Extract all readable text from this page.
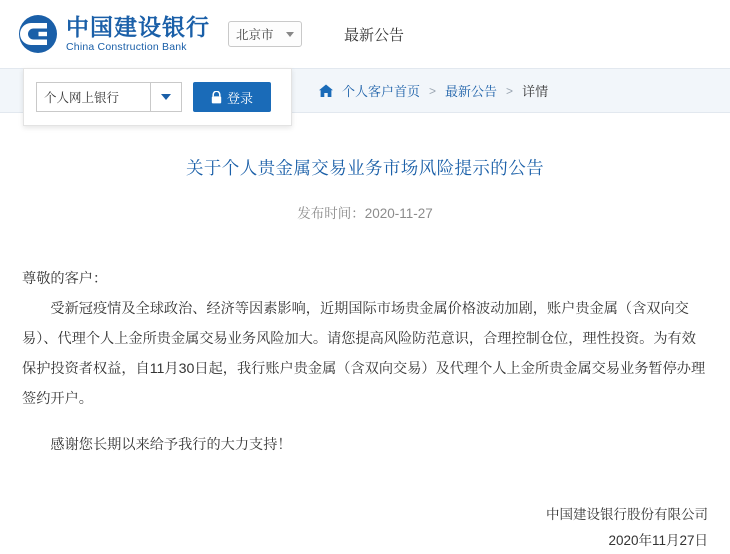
中国建设银行
China Construction Bank
北京市	最新公告
个人客户首页 > 最新公告 > 详情
个人网上银行	登录
关于个人贵金属交易业务市场风险提示的公告
发布时间：2020-11-27

尊敬的客户：

受新冠疫情及全球政治、经济等因素影响，近期国际市场贵金属价格波动加剧，账户贵金属（含双向交易）、代理个人上金所贵金属交易业务风险加大。请您提高风险防范意识，合理控制仓位，理性投资。为有效保护投资者权益，自11月30日起，我行账户贵金属（含双向交易）及代理个人上金所贵金属交易业务暂停办理签约开户。

感谢您长期以来给予我行的大力支持！

中国建设银行股份有限公司
2020年11月27日
